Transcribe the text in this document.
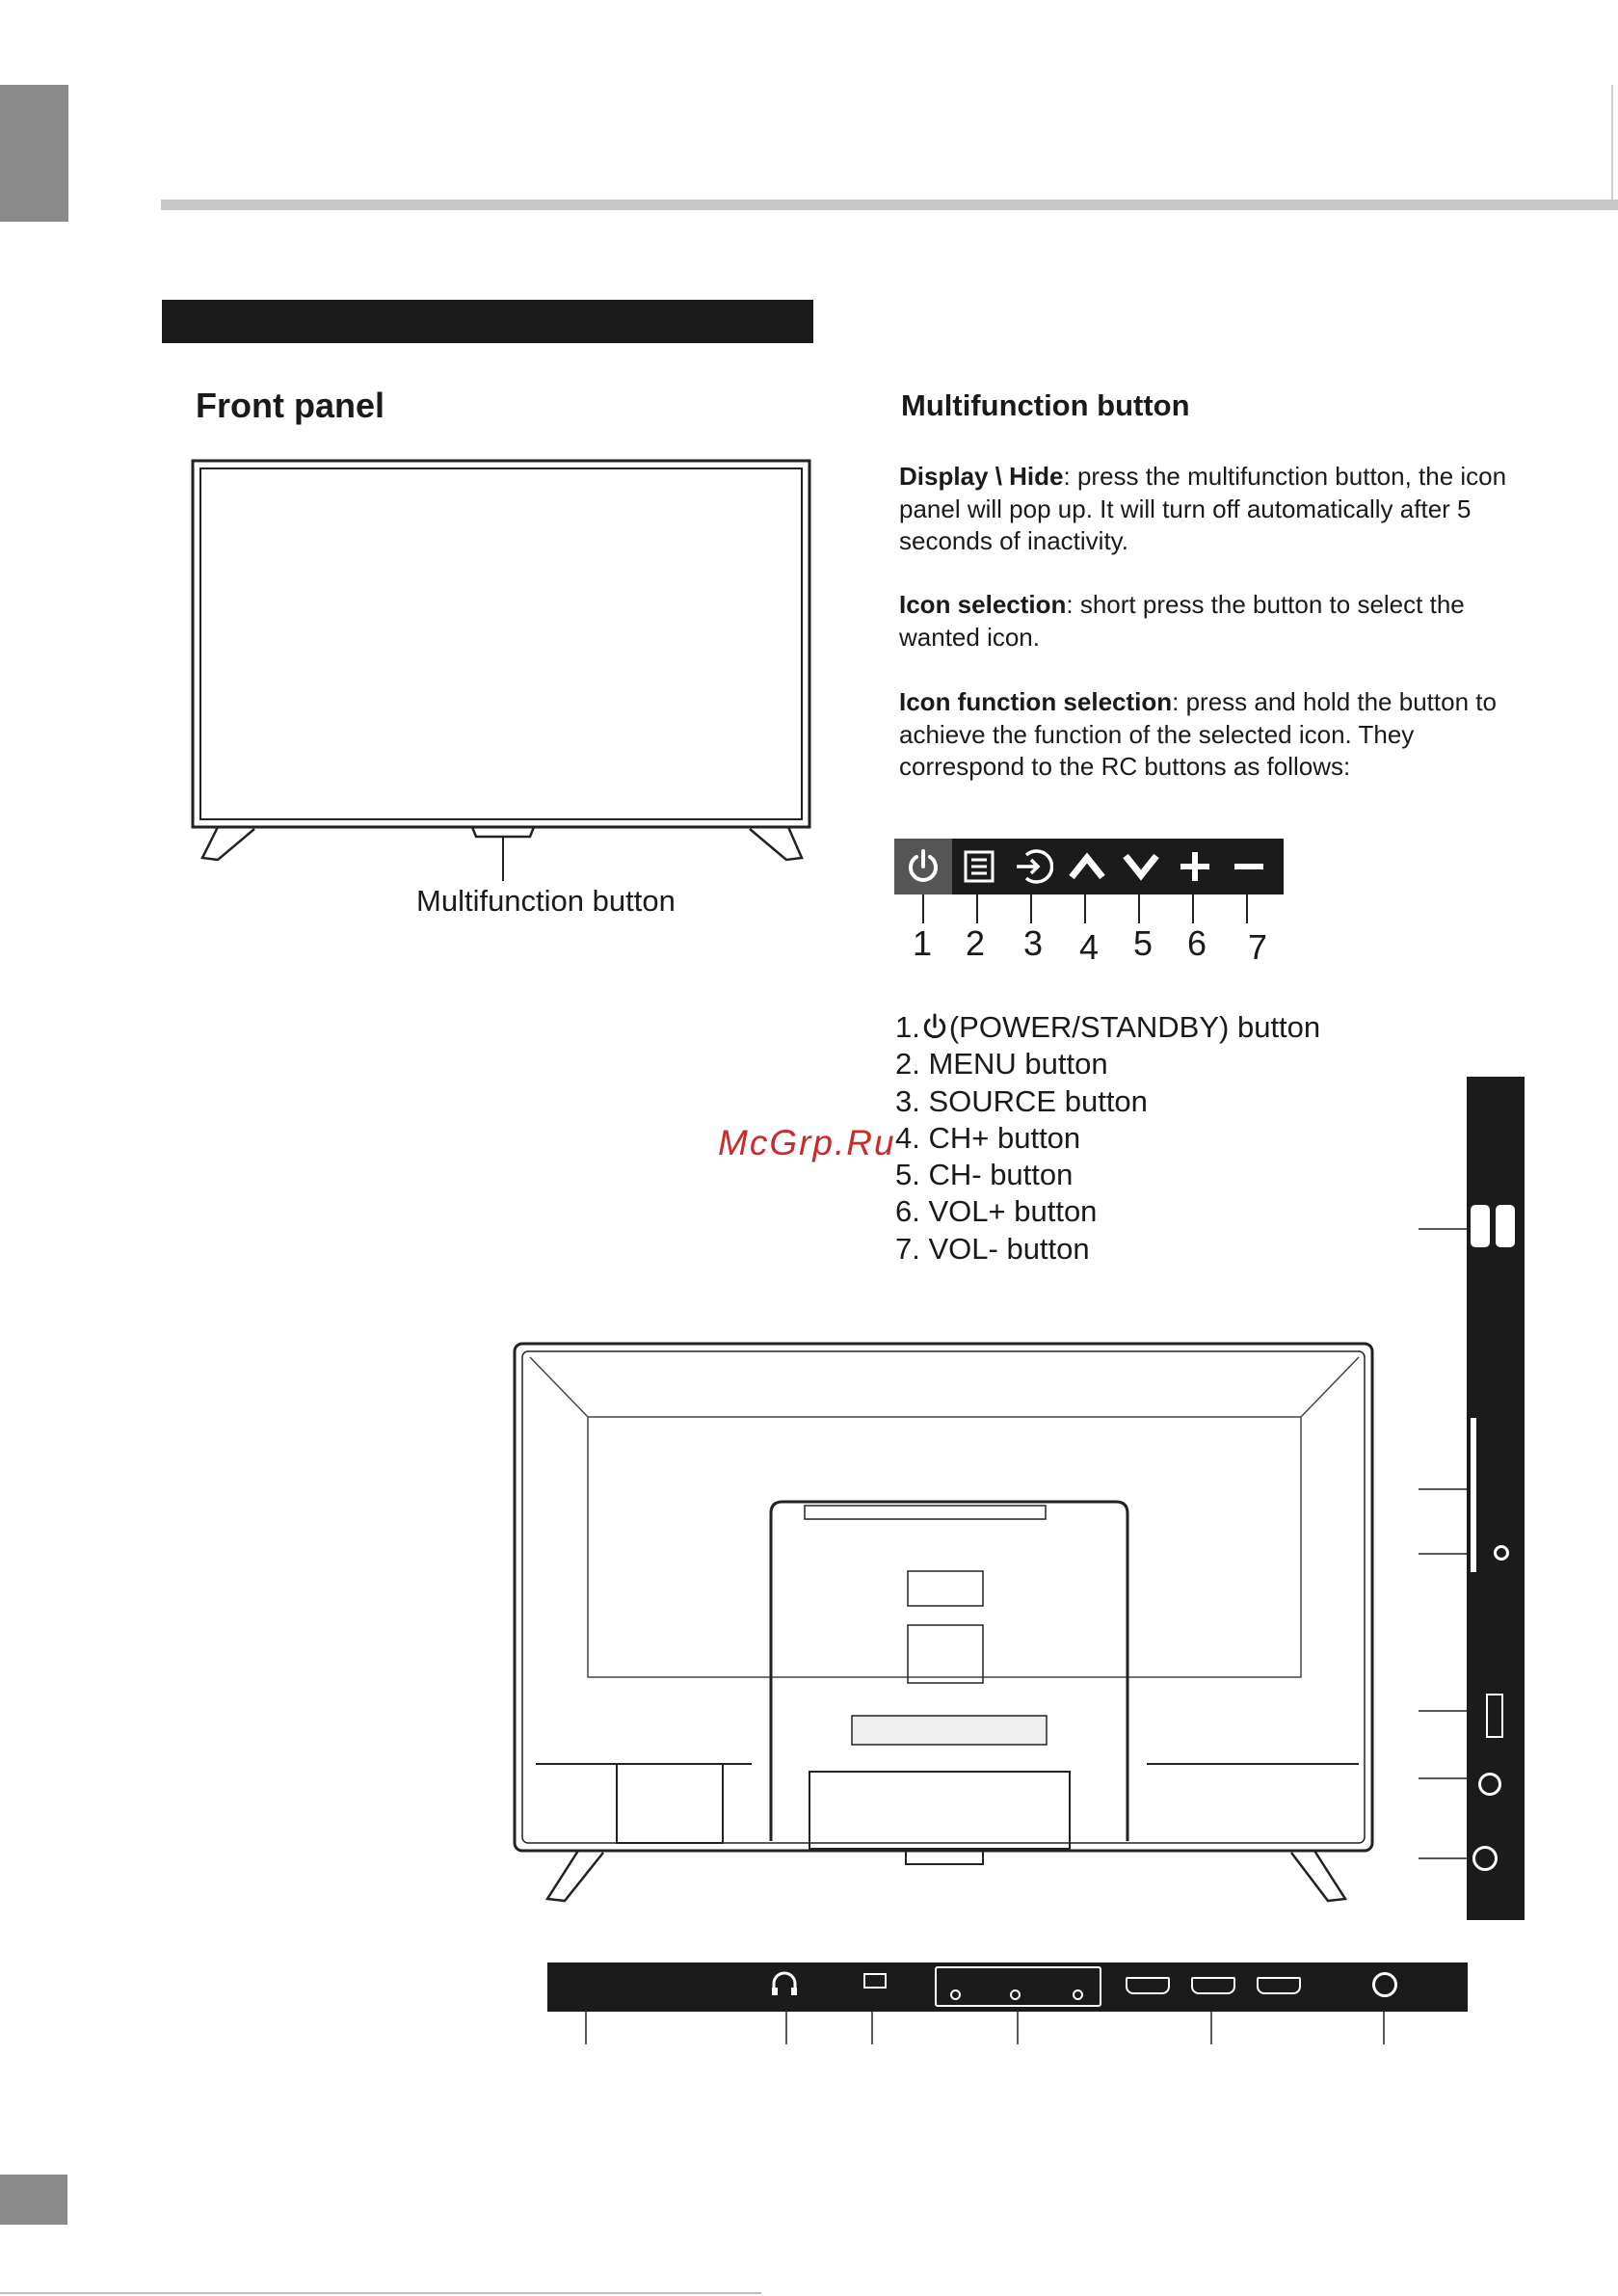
Front panel
Multifunction button
Multifunction button
Display \ Hide: press the multifunction button, the icon panel will pop up. It will turn off automatically after 5 seconds of inactivity.
Icon selection: short press the button to select the wanted icon.
Icon function selection: press and hold the button to achieve the function of the selected icon. They correspond to the RC buttons as follows:
1 2 3 4 5 6 7
1. (POWER/STANDBY) button
2. MENU button
3. SOURCE button
4. CH+ button
5. CH- button
6. VOL+ button
7. VOL- button
McGrp.Ru
